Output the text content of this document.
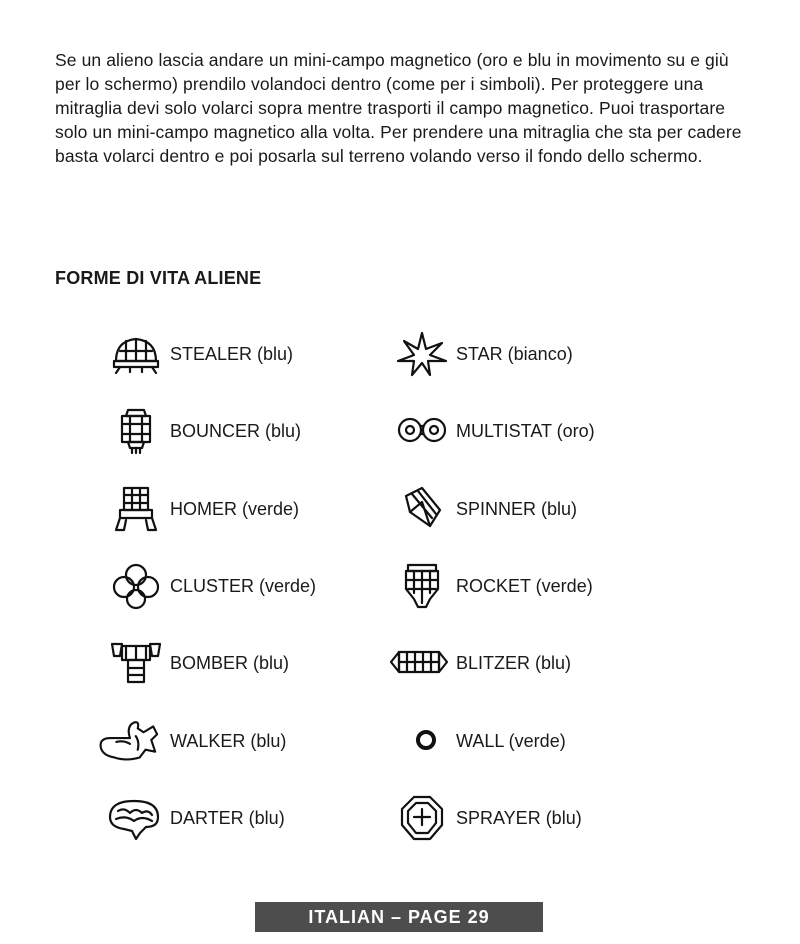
Se un alieno lascia andare un mini-campo magnetico (oro e blu in movimento su e giù per lo schermo) prendilo volandoci dentro (come per i simboli). Per proteggere una mitraglia devi solo volarci sopra mentre trasporti il campo magnetico. Puoi trasportare solo un mini-campo magnetico alla volta. Per prendere una mitraglia che sta per cadere basta volarci dentro e poi posarla sul terreno volando verso il fondo dello schermo.

FORME DI VITA ALIENE
STEALER (blu)
BOUNCER (blu)
HOMER (verde)
CLUSTER (verde)
BOMBER (blu)
WALKER (blu)
DARTER (blu)
STAR (bianco)
MULTISTAT (oro)
SPINNER (blu)
ROCKET (verde)
BLITZER (blu)
WALL (verde)
SPRAYER (blu)
ITALIAN – PAGE 29
